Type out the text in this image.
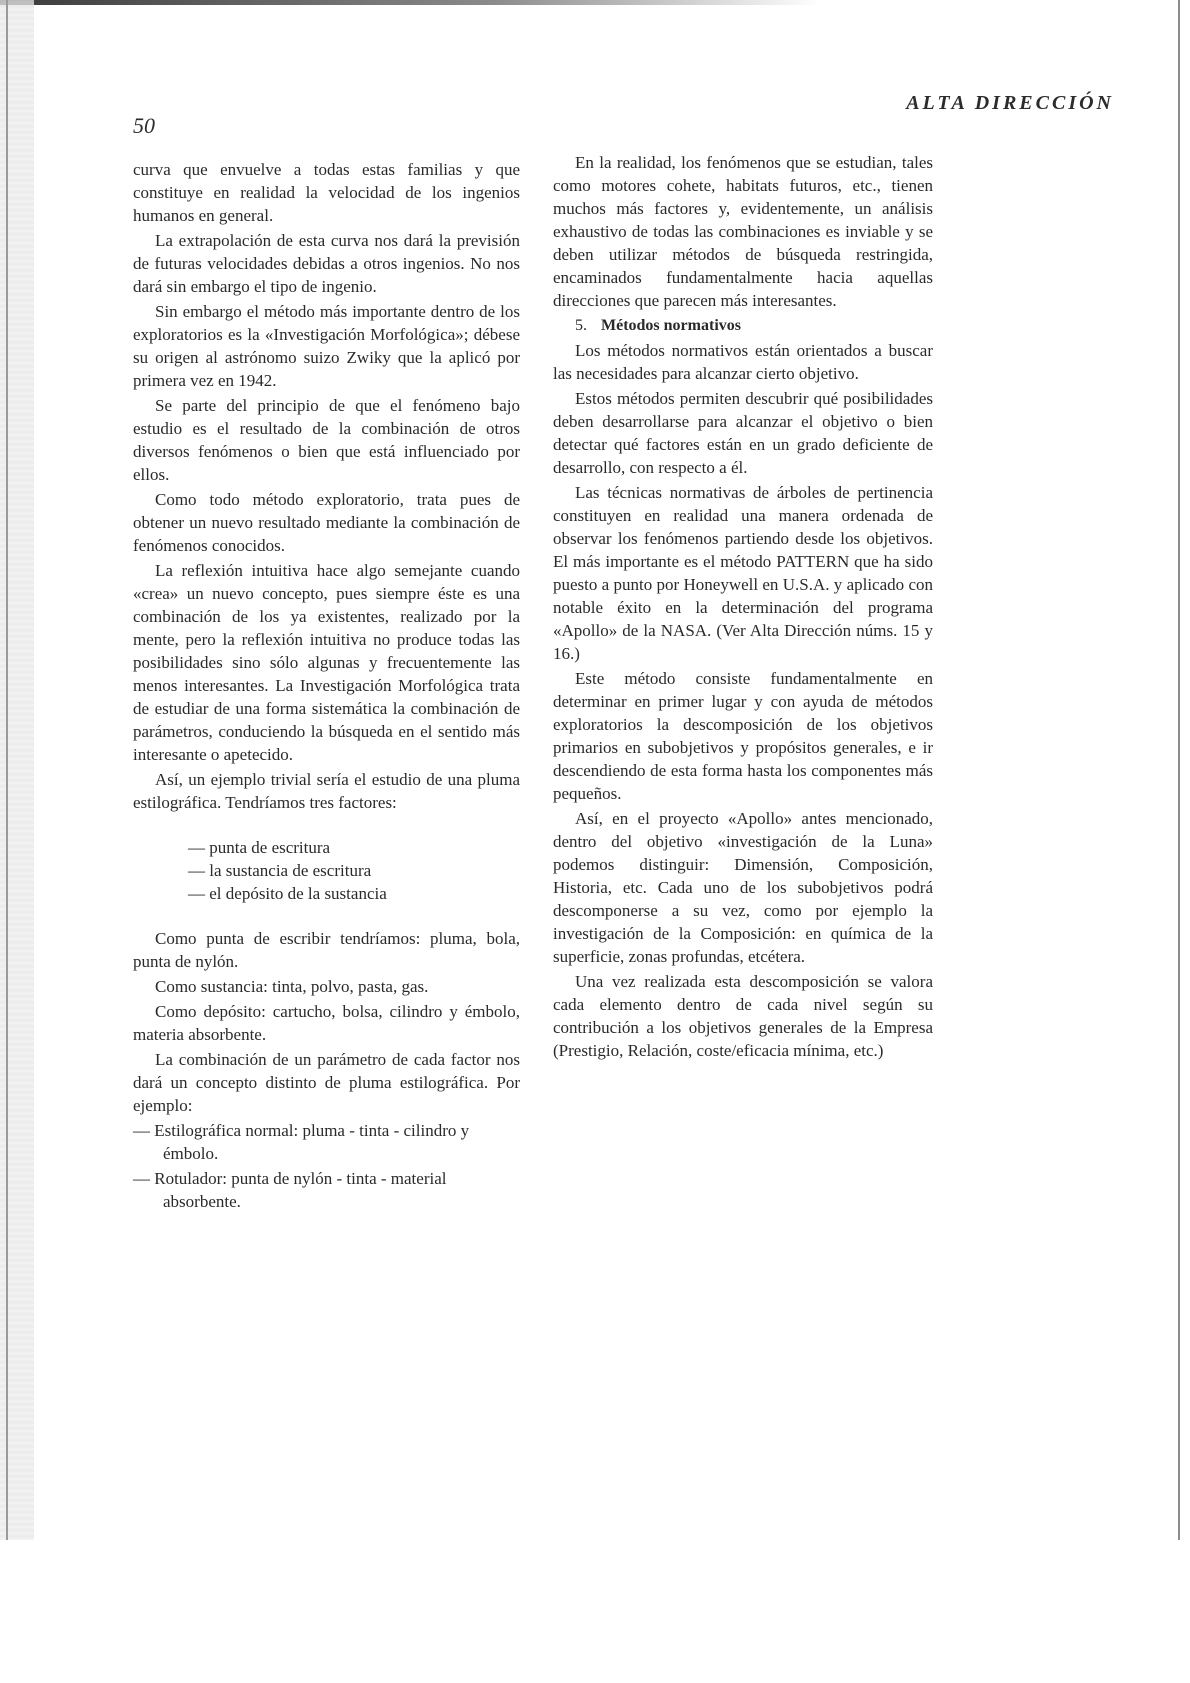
50
ALTA DIRECCIÓN

curva que envuelve a todas estas familias y que constituye en realidad la velocidad de los ingenios humanos en general.

La extrapolación de esta curva nos dará la previsión de futuras velocidades debidas a otros ingenios. No nos dará sin embargo el tipo de ingenio.

Sin embargo el método más importante dentro de los exploratorios es la «Investigación Morfológica»; débese su origen al astrónomo suizo Zwiky que la aplicó por primera vez en 1942.

Se parte del principio de que el fenómeno bajo estudio es el resultado de la combinación de otros diversos fenómenos o bien que está influenciado por ellos.

Como todo método exploratorio, trata pues de obtener un nuevo resultado mediante la combinación de fenómenos conocidos.

La reflexión intuitiva hace algo semejante cuando «crea» un nuevo concepto, pues siempre éste es una combinación de los ya existentes, realizado por la mente, pero la reflexión intuitiva no produce todas las posibilidades sino sólo algunas y frecuentemente las menos interesantes. La Investigación Morfológica trata de estudiar de una forma sistemática la combinación de parámetros, conduciendo la búsqueda en el sentido más interesante o apetecido.

Así, un ejemplo trivial sería el estudio de una pluma estilográfica. Tendríamos tres factores:

— punta de escritura
— la sustancia de escritura
— el depósito de la sustancia

Como punta de escribir tendríamos: pluma, bola, punta de nylón.

Como sustancia: tinta, polvo, pasta, gas.

Como depósito: cartucho, bolsa, cilindro y émbolo, materia absorbente.

La combinación de un parámetro de cada factor nos dará un concepto distinto de pluma estilográfica. Por ejemplo:

— Estilográfica normal: pluma - tinta - cilindro y émbolo.

— Rotulador: punta de nylón - tinta - material absorbente.

En la realidad, los fenómenos que se estudian, tales como motores cohete, habitats futuros, etc., tienen muchos más factores y, evidentemente, un análisis exhaustivo de todas las combinaciones es inviable y se deben utilizar métodos de búsqueda restringida, encaminados fundamentalmente hacia aquellas direcciones que parecen más interesantes.

5. Métodos normativos

Los métodos normativos están orientados a buscar las necesidades para alcanzar cierto objetivo.

Estos métodos permiten descubrir qué posibilidades deben desarrollarse para alcanzar el objetivo o bien detectar qué factores están en un grado deficiente de desarrollo, con respecto a él.

Las técnicas normativas de árboles de pertinencia constituyen en realidad una manera ordenada de observar los fenómenos partiendo desde los objetivos. El más importante es el método PATTERN que ha sido puesto a punto por Honeywell en U.S.A. y aplicado con notable éxito en la determinación del programa «Apollo» de la NASA. (Ver Alta Dirección núms. 15 y 16.)

Este método consiste fundamentalmente en determinar en primer lugar y con ayuda de métodos exploratorios la descomposición de los objetivos primarios en subobjetivos y propósitos generales, e ir descendiendo de esta forma hasta los componentes más pequeños.

Así, en el proyecto «Apollo» antes mencionado, dentro del objetivo «investigación de la Luna» podemos distinguir: Dimensión, Composición, Historia, etc. Cada uno de los subobjetivos podrá descomponerse a su vez, como por ejemplo la investigación de la Composición: en química de la superficie, zonas profundas, etcétera.

Una vez realizada esta descomposición se valora cada elemento dentro de cada nivel según su contribución a los objetivos generales de la Empresa (Prestigio, Relación, coste/eficacia mínima, etc.)
